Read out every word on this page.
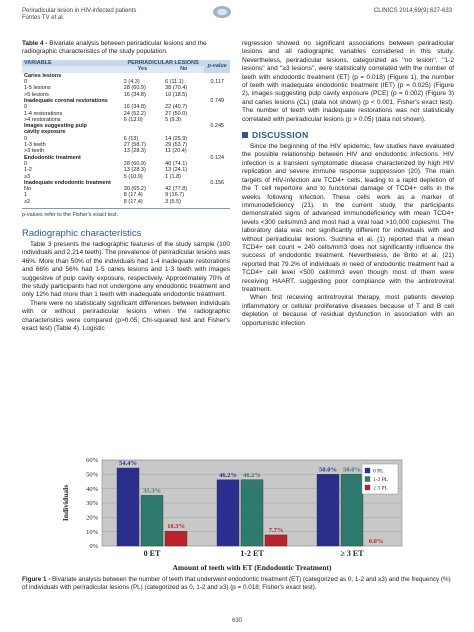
Periradicular lesion in HIV-infected patients
Fontes TV et al.
CLINICS 2014;69(9):627-633
Table 4 - Bivariate analysis between periradicular lesions and the radiographic characteristics of the study population.
VARIABLE	PERIRADICULAR LESIONS		p-value
	Yes	No	
Caries lesions			
0	2 (4.3)	6 (11.1)	0.117
1-5 lesions	28 (60.9)	38 (70.4)	
>5 lesions	16 (34.8)	10 (18.5)	
Inadequate coronal restorations			0.749
0	16 (34.8)	22 (40.7)	
1-4 restorations	24 (52.2)	27 (50.0)	
>4 restorations	6 (13.0)	5 (9.3)	
Images suggesting pulp			0.245
cavity exposure			
0	6 (13)	14 (25.9)	
1-3 teeth	27 (58.7)	29 (53.7)	
>3 teeth	13 (28.3)	11 (20.4)	
Endodontic treatment			0.124
0	28 (60.9)	40 (74.1)	
1-2	13 (28.3)	13 (24.1)	
≥3	5 (10.9)	1 (1.8)	
Inadequate endodontic treatment			0.156
No	30 (65.2)	42 (77.8)	
1	8 (17.4)	9 (16.7)	
≥2	8 (17.4)	3 (5.5)	
p-values refer to the Fisher's exact test.
Radiographic characteristics

Table 3 presents the radiographic features of the study sample (100 individuals and 2,214 teeth). The prevalence of periradicular lesions was 46%. More than 50% of the individuals had 1-4 inadequate restorations and 66% and 56% had 1-5 caries lesions and 1-3 teeth with images suggestive of pulp cavity exposure, respectively. Approximately 70% of the study participants had not undergone any endodontic treatment and only 12% had more than 1 teeth with inadequate endodontic treatment.

There were no statistically significant differences between individuals with or without periradicular lesions when the radiographic characteristics were compared (p>0.05; Chi-squared test and Fisher's exact test) (Table 4). Logistic

regression showed no significant associations between periradicular lesions and all radiographic variables considered in this study. Nevertheless, periradicular lesions, categorized as ''no lesion'', ''1-2 lesions'' and ''≥3 lesions'', were statistically correlated with the number of teeth with endodontic treatment (ET) (p = 0.018) (Figure 1), the number of teeth with inadequate endodontic treatment (IET) (p = 0.025) (Figure 2), images suggesting pulp cavity exposure (PCE) (p = 0.002) (Figure 3) and caries lesions (CL) (data not shown) (p < 0.001, Fisher's exact test). The number of teeth with inadequate restorations was not statistically correlated with periradicular lesions (p > 0.05) (data not shown).

DISCUSSION

Since the beginning of the HIV epidemic, few studies have evaluated the possible relationship between HIV and endodontic infections. HIV infection is a transient symptomatic disease characterized by high HIV replication and severe immune response suppression (20). The main targets of HIV-infection are TCD4+ cells, leading to a rapid depletion of the T cell repertoire and to functional damage of TCD4+ cells in the weeks following infection. These cells work as a marker of immunodeficiency (21). In the current study, the participants demonstrated signs of advanced immunodeficiency with mean TCD4+ levels <300 cells/mm3 and most had a viral load >10,000 copies/ml. The laboratory data was not significantly different for individuals with and without periradicular lesions. Suchina et al. (1) reported that a mean TCD4+ cell count = 240 cells/mm3 does not significantly influence the success of endodontic treatment. Nevertheless, de Brito et al. (21) reported that 79.2% of individuals in need of endodontic treatment had a TCD4+ cell level <500 cell/mm3 even though most of them were receiving HAART, suggesting poor compliance with the antiretroviral treatment.

When first receiving antiretroviral therapy, most patients develop inflammatory or cellular proliferative diseases because of T and B cell depletion or because of residual dysfunction in association with an opportunistic infection

0%
10%
20%
30%
40%
50%
60%
Individuals
54.4%
35.3%
10.3%
0 ET
46.2% 46.2%
7.7%
1-2 ET
50.0% 50.0%
0.0%
≥ 3 ET
Amount of teeth with ET (Endodontic Treatment)
0 PL
1-2 PL
≥ 3 PL
Figure 1 - Bivariate analysis between the number of teeth that underwent endodontic treatment (ET) (categorized as 0, 1-2 and ≥3) and the frequency (%) of individuals with periradicular lesions (PL) (categorized as 0, 1-2 and ≥3) (p = 0.018; Fisher's exact test).
630
